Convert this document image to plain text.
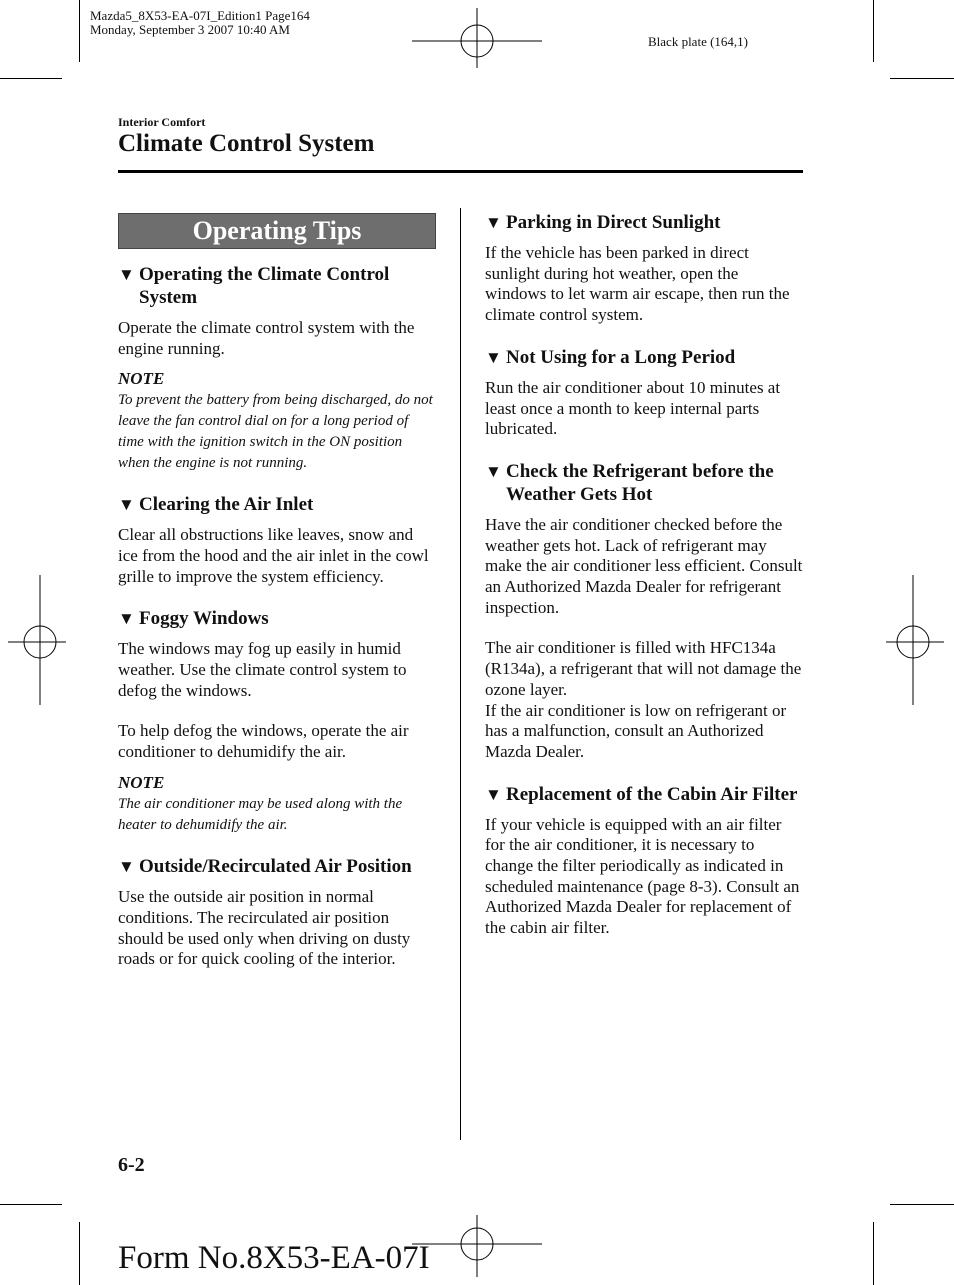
Mazda5_8X53-EA-07I_Edition1 Page164
Monday, September 3 2007 10:40 AM
Black plate (164,1)
Interior Comfort
Climate Control System
Operating Tips
▼ Operating the Climate Control System
Operate the climate control system with the engine running.
NOTE
To prevent the battery from being discharged, do not leave the fan control dial on for a long period of time with the ignition switch in the ON position when the engine is not running.
▼ Clearing the Air Inlet
Clear all obstructions like leaves, snow and ice from the hood and the air inlet in the cowl grille to improve the system efficiency.
▼ Foggy Windows
The windows may fog up easily in humid weather. Use the climate control system to defog the windows.
To help defog the windows, operate the air conditioner to dehumidify the air.
NOTE
The air conditioner may be used along with the heater to dehumidify the air.
▼ Outside/Recirculated Air Position
Use the outside air position in normal conditions. The recirculated air position should be used only when driving on dusty roads or for quick cooling of the interior.
▼ Parking in Direct Sunlight
If the vehicle has been parked in direct sunlight during hot weather, open the windows to let warm air escape, then run the climate control system.
▼ Not Using for a Long Period
Run the air conditioner about 10 minutes at least once a month to keep internal parts lubricated.
▼ Check the Refrigerant before the Weather Gets Hot
Have the air conditioner checked before the weather gets hot. Lack of refrigerant may make the air conditioner less efficient. Consult an Authorized Mazda Dealer for refrigerant inspection.
The air conditioner is filled with HFC134a (R134a), a refrigerant that will not damage the ozone layer.
If the air conditioner is low on refrigerant or has a malfunction, consult an Authorized Mazda Dealer.
▼ Replacement of the Cabin Air Filter
If your vehicle is equipped with an air filter for the air conditioner, it is necessary to change the filter periodically as indicated in scheduled maintenance (page 8-3). Consult an Authorized Mazda Dealer for replacement of the cabin air filter.
6-2
Form No.8X53-EA-07I
